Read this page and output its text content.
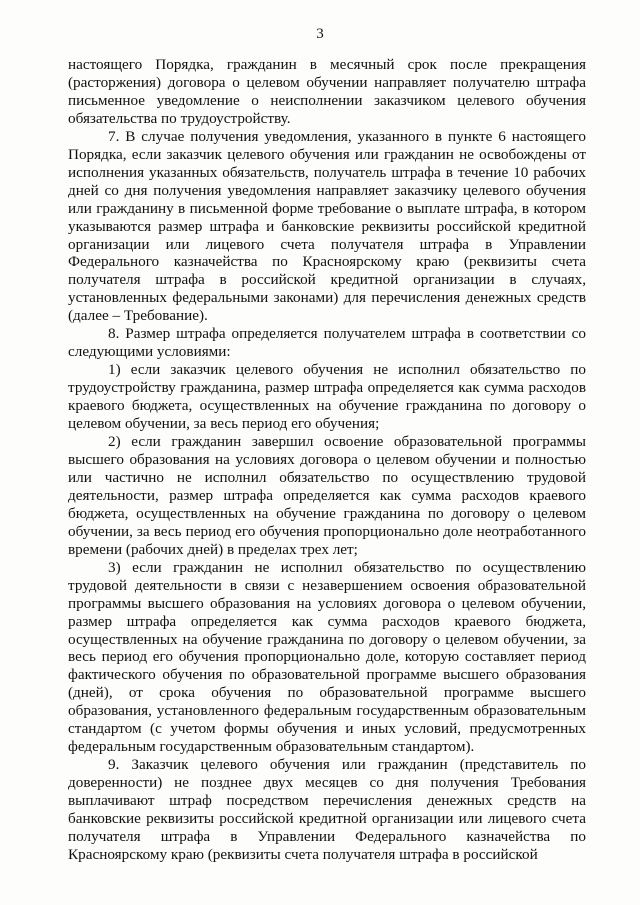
3

настоящего Порядка, гражданин в месячный срок после прекращения (расторжения) договора о целевом обучении направляет получателю штрафа письменное уведомление о неисполнении заказчиком целевого обучения обязательства по трудоустройству.

7. В случае получения уведомления, указанного в пункте 6 настоящего Порядка, если заказчик целевого обучения или гражданин не освобождены от исполнения указанных обязательств, получатель штрафа в течение 10 рабочих дней со дня получения уведомления направляет заказчику целевого обучения или гражданину в письменной форме требование о выплате штрафа, в котором указываются размер штрафа и банковские реквизиты российской кредитной организации или лицевого счета получателя штрафа в Управлении Федерального казначейства по Красноярскому краю (реквизиты счета получателя штрафа в российской кредитной организации в случаях, установленных федеральными законами) для перечисления денежных средств (далее – Требование).

8. Размер штрафа определяется получателем штрафа в соответствии со следующими условиями:

1) если заказчик целевого обучения не исполнил обязательство по трудоустройству гражданина, размер штрафа определяется как сумма расходов краевого бюджета, осуществленных на обучение гражданина по договору о целевом обучении, за весь период его обучения;

2) если гражданин завершил освоение образовательной программы высшего образования на условиях договора о целевом обучении и полностью или частично не исполнил обязательство по осуществлению трудовой деятельности, размер штрафа определяется как сумма расходов краевого бюджета, осуществленных на обучение гражданина по договору о целевом обучении, за весь период его обучения пропорционально доле неотработанного времени (рабочих дней) в пределах трех лет;

3) если гражданин не исполнил обязательство по осуществлению трудовой деятельности в связи с незавершением освоения образовательной программы высшего образования на условиях договора о целевом обучении, размер штрафа определяется как сумма расходов краевого бюджета, осуществленных на обучение гражданина по договору о целевом обучении, за весь период его обучения пропорционально доле, которую составляет период фактического обучения по образовательной программе высшего образования (дней), от срока обучения по образовательной программе высшего образования, установленного федеральным государственным образовательным стандартом (с учетом формы обучения и иных условий, предусмотренных федеральным государственным образовательным стандартом).

9. Заказчик целевого обучения или гражданин (представитель по доверенности) не позднее двух месяцев со дня получения Требования выплачивают штраф посредством перечисления денежных средств на банковские реквизиты российской кредитной организации или лицевого счета получателя штрафа в Управлении Федерального казначейства по Красноярскому краю (реквизиты счета получателя штрафа в российской
